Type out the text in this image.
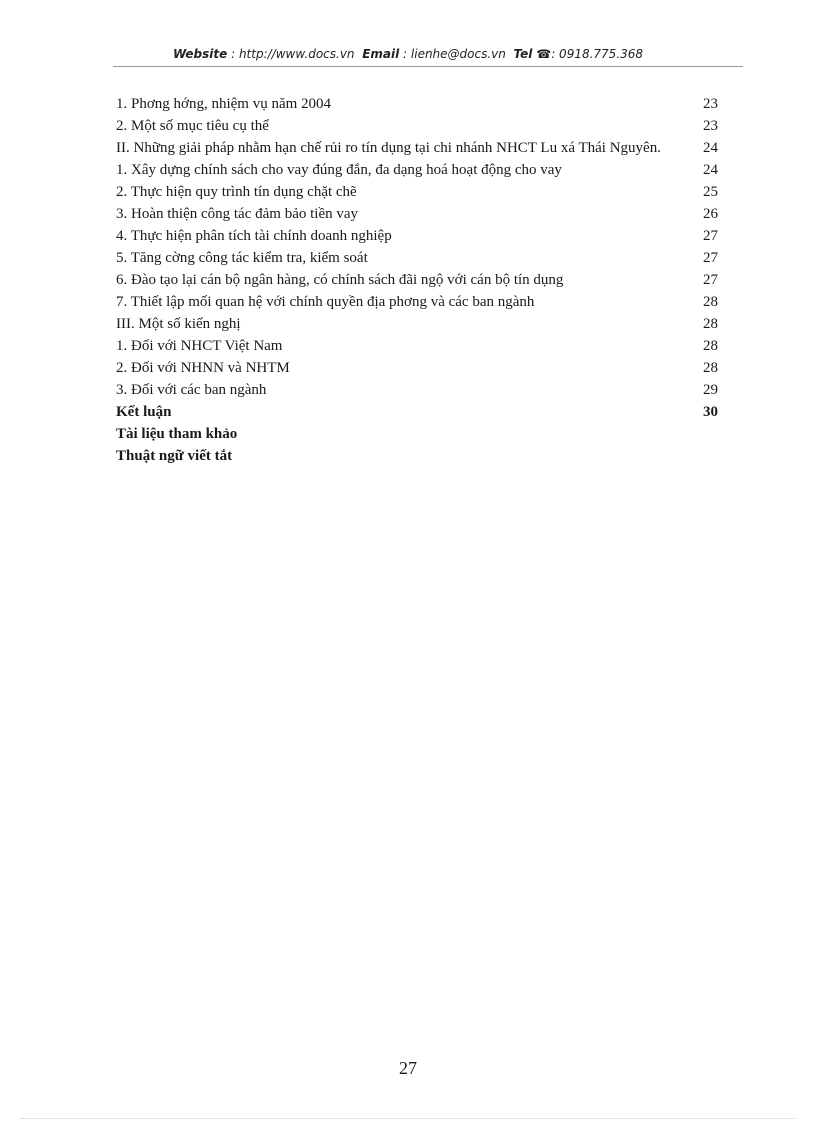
Website : http://www.docs.vn Email : lienhe@docs.vn Tel ☎: 0918.775.368
1. Phơng hớng, nhiệm vụ năm 2004	23
2. Một số mục tiêu cụ thể	23
II. Những giải pháp nhằm hạn chế rủi ro tín dụng tại chi nhánh NHCT Lu xá Thái Nguyên.	24
1. Xây dựng chính sách cho vay đúng đắn, đa dạng hoá hoạt động cho vay	24
2. Thực hiện quy trình tín dụng chặt chẽ	25
3. Hoàn thiện công tác đảm bảo tiền vay	26
4. Thực hiện phân tích tài chính doanh nghiệp	27
5. Tăng cờng công tác kiểm tra, kiểm soát	27
6. Đào tạo lại cán bộ ngân hàng, có chính sách đãi ngộ với cán bộ tín dụng	27
7. Thiết lập mối quan hệ với chính quyền địa phơng và các ban ngành	28
III. Một số kiến nghị	28
1. Đối với NHCT Việt Nam	28
2. Đối với NHNN và NHTM	28
3. Đối với các ban ngành	29
Kết luận	30
Tài liệu tham khảo
Thuật ngữ viết tắt
27
